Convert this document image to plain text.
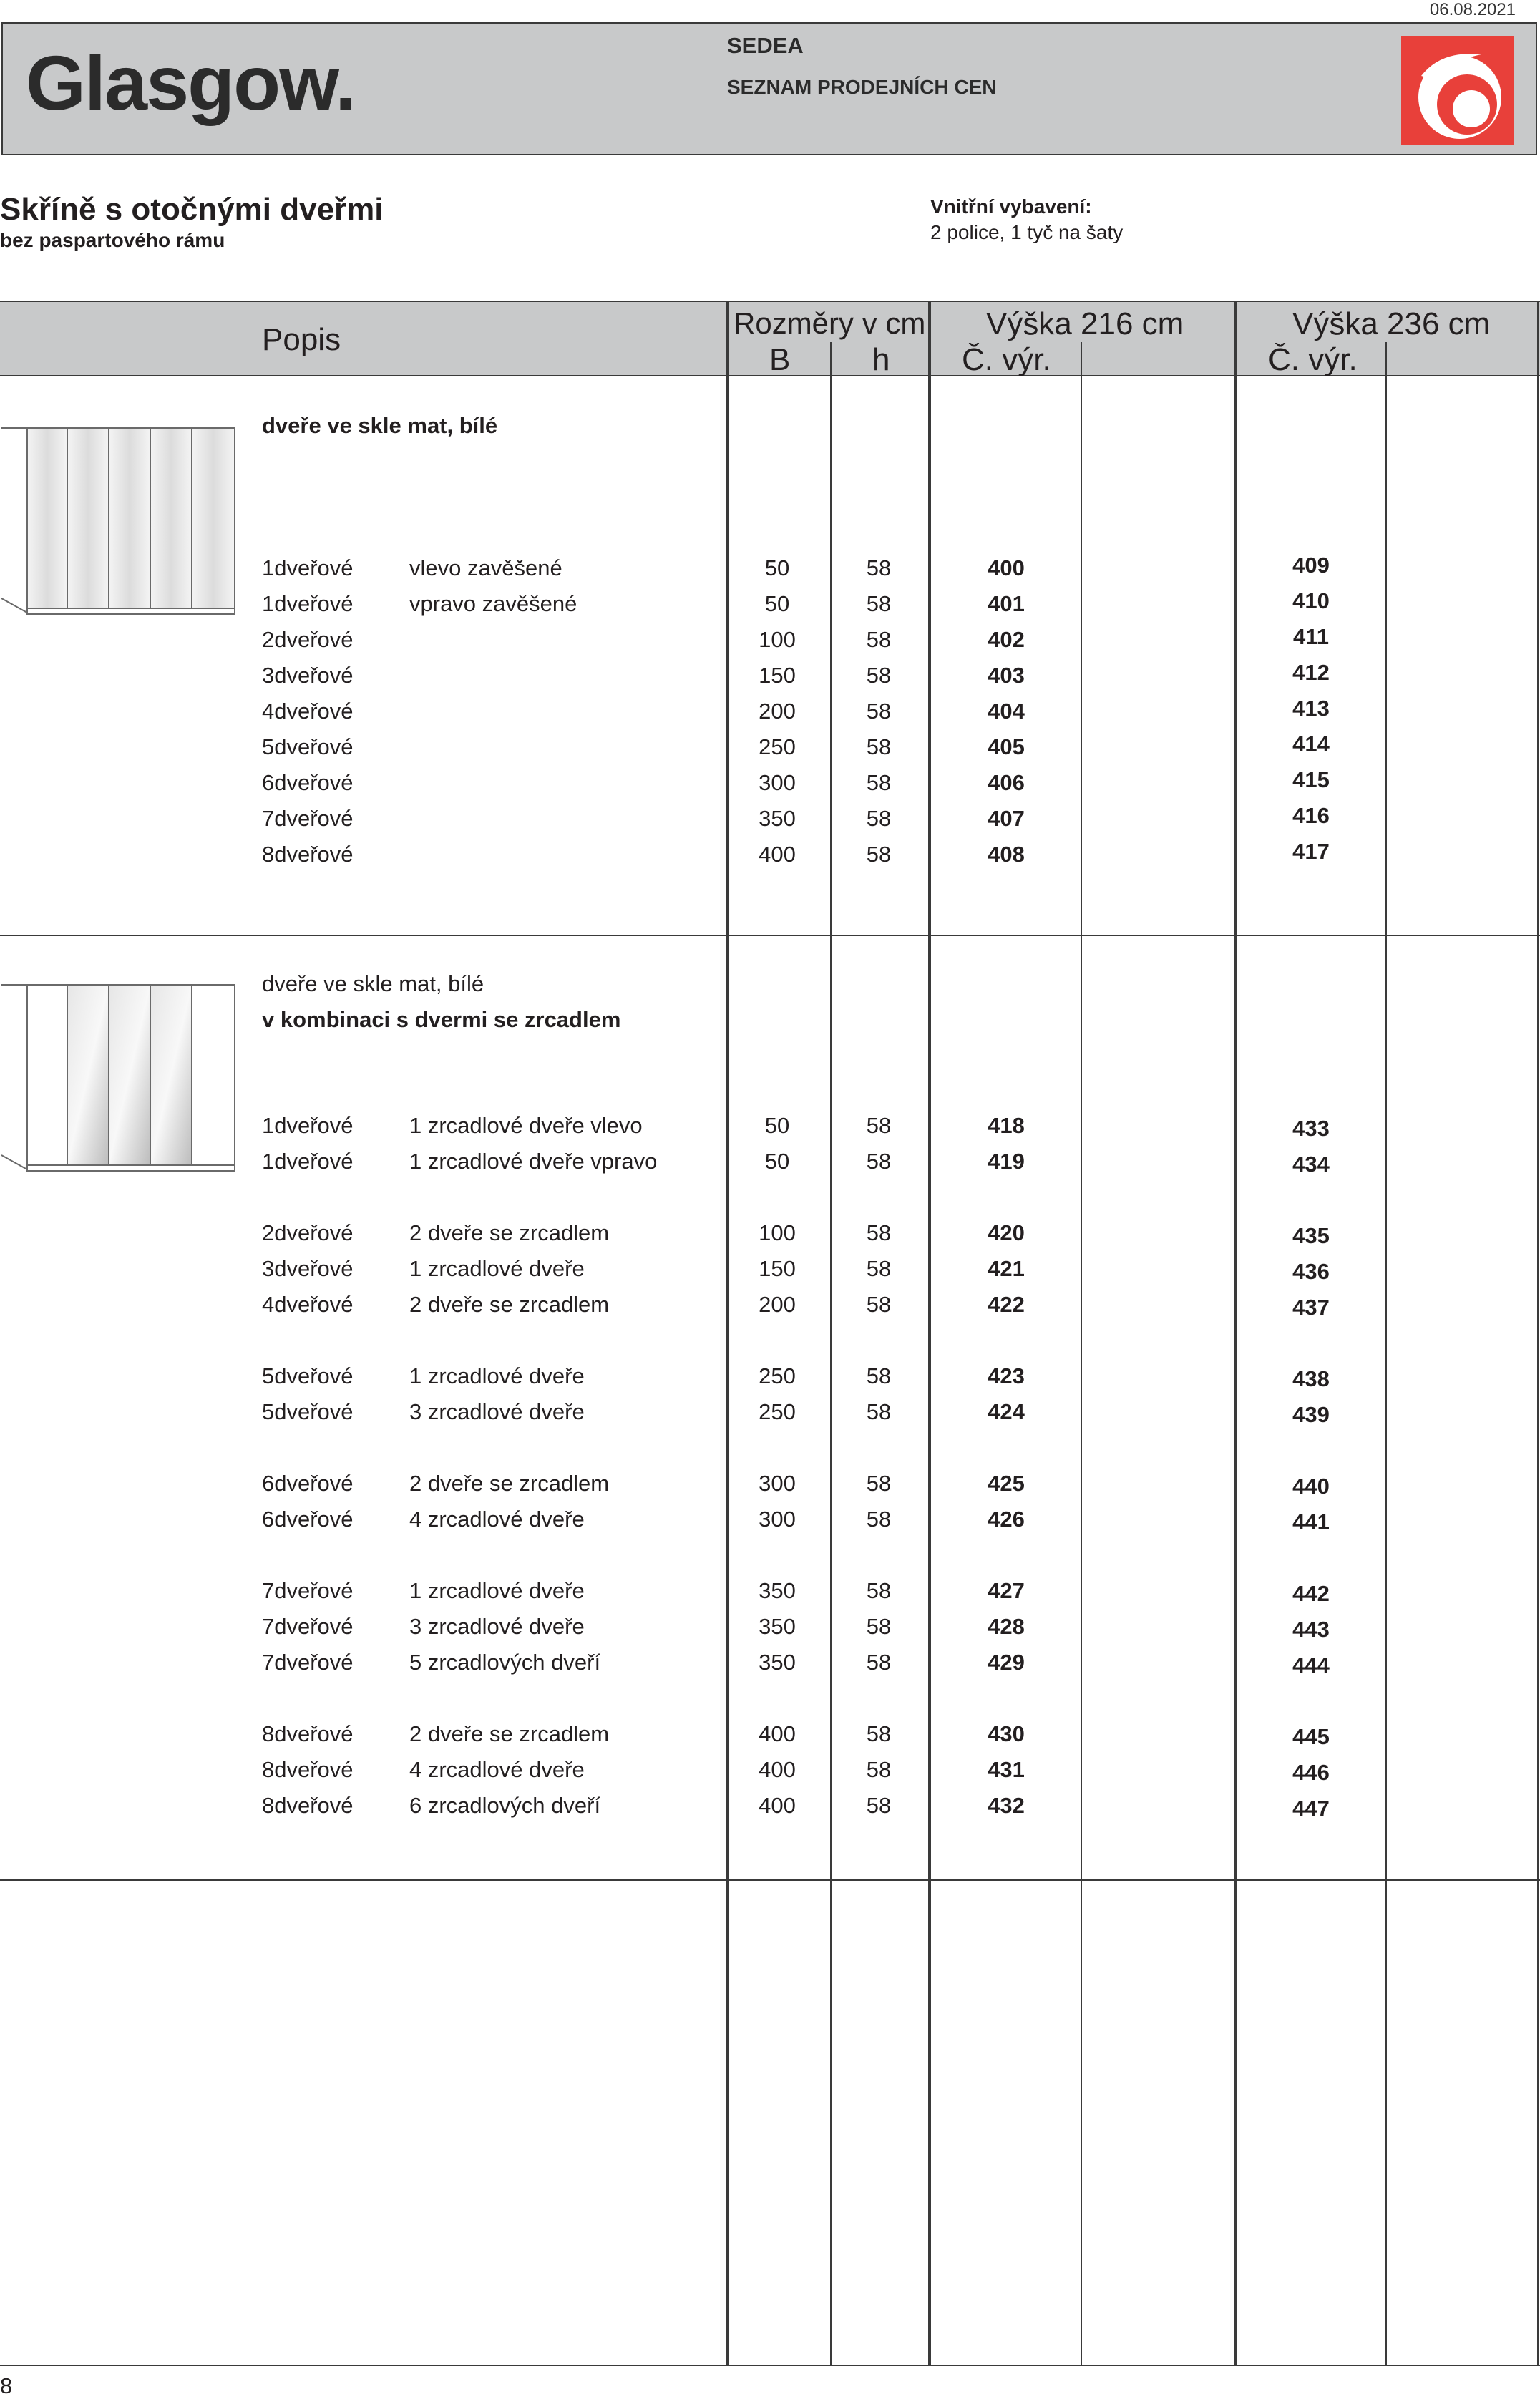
06.08.2021
Glasgow.	SEDEA
SEZNAM PRODEJNÍCH CEN
Skříně s otočnými dveřmi
bez paspartového rámu
Vnitřní vybavení:
2 police, 1 tyč na šaty
Popis	Rozměry v cm
B	h
Výška 216 cm
Č. výr.
Výška 236 cm
Č. výr.
dveře ve skle mat, bílé
dveře ve skle mat, bílé
v kombinaci s dvermi se zrcadlem
1dveřové	vlevo zavěšené	50	58	400	409
1dveřové	vpravo zavěšené	50	58	401	410
2dveřové	100	58	402	411
3dveřové	150	58	403	412
4dveřové	200	58	404	413
5dveřové	250	58	405	414
6dveřové	300	58	406	415
7dveřové	350	58	407	416
8dveřové	400	58	408	417
1dveřové	1 zrcadlové dveře vlevo	50	58	418	433
1dveřové	1 zrcadlové dveře vpravo	50	58	419	434
2dveřové	2 dveře se zrcadlem	100	58	420	435
3dveřové	1 zrcadlové dveře	150	58	421	436
4dveřové	2 dveře se zrcadlem	200	58	422	437
5dveřové	1 zrcadlové dveře	250	58	423	438
5dveřové	3 zrcadlové dveře	250	58	424	439
6dveřové	2 dveře se zrcadlem	300	58	425	440
6dveřové	4 zrcadlové dveře	300	58	426	441
7dveřové	1 zrcadlové dveře	350	58	427	442
7dveřové	3 zrcadlové dveře	350	58	428	443
7dveřové	5 zrcadlových dveří	350	58	429	444
8dveřové	2 dveře se zrcadlem	400	58	430	445
8dveřové	4 zrcadlové dveře	400	58	431	446
8dveřové	6 zrcadlových dveří	400	58	432	447
8
